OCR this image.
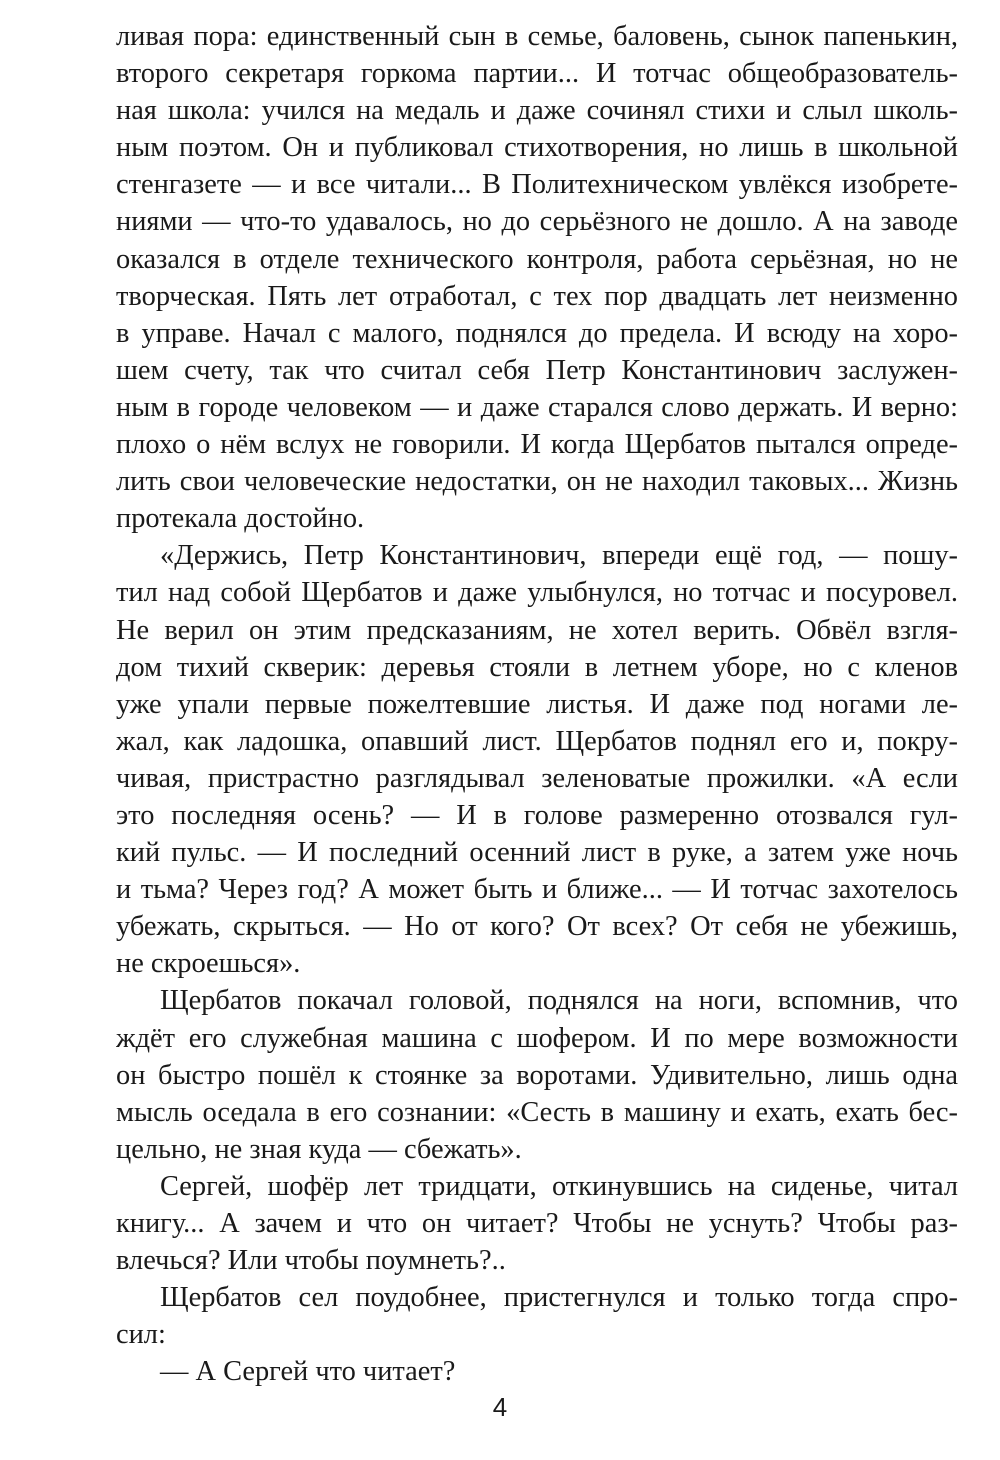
ливая пора: единственный сын в семье, баловень, сынок папенькин,
второго секретаря горкома партии... И тотчас общеобразователь-
ная школа: учился на медаль и даже сочинял стихи и слыл школь-
ным поэтом. Он и публиковал стихотворения, но лишь в школьной
стенгазете — и все читали... В Политехническом увлёкся изобрете-
ниями — что-то удавалось, но до серьёзного не дошло. А на заводе
оказался в отделе технического контроля, работа серьёзная, но не
творческая. Пять лет отработал, с тех пор двадцать лет неизменно
в управе. Начал с малого, поднялся до предела. И всюду на хоро-
шем счету, так что считал себя Петр Константинович заслужен-
ным в городе человеком — и даже старался слово держать. И верно:
плохо о нём вслух не говорили. И когда Щербатов пытался опреде-
лить свои человеческие недостатки, он не находил таковых... Жизнь
протекала достойно.
«Держись, Петр Константинович, впереди ещё год, — пошу-
тил над собой Щербатов и даже улыбнулся, но тотчас и посуровел.
Не верил он этим предсказаниям, не хотел верить. Обвёл взгля-
дом тихий скверик: деревья стояли в летнем уборе, но с кленов
уже упали первые пожелтевшие листья. И даже под ногами ле-
жал, как ладошка, опавший лист. Щербатов поднял его и, покру-
чивая, пристрастно разглядывал зеленоватые прожилки. «А если
это последняя осень? — И в голове размеренно отозвался гул-
кий пульс. — И последний осенний лист в руке, а затем уже ночь
и тьма? Через год? А может быть и ближе... — И тотчас захотелось
убежать, скрыться. — Но от кого? От всех? От себя не убежишь,
не скроешься».
Щербатов покачал головой, поднялся на ноги, вспомнив, что
ждёт его служебная машина с шофером. И по мере возможности
он быстро пошёл к стоянке за воротами. Удивительно, лишь одна
мысль оседала в его сознании: «Сесть в машину и ехать, ехать бес-
цельно, не зная куда — сбежать».
Сергей, шофёр лет тридцати, откинувшись на сиденье, читал
книгу... А зачем и что он читает? Чтобы не уснуть? Чтобы раз-
влечься? Или чтобы поумнеть?..
Щербатов сел поудобнее, пристегнулся и только тогда спро-
сил:
— А Сергей что читает?
4
